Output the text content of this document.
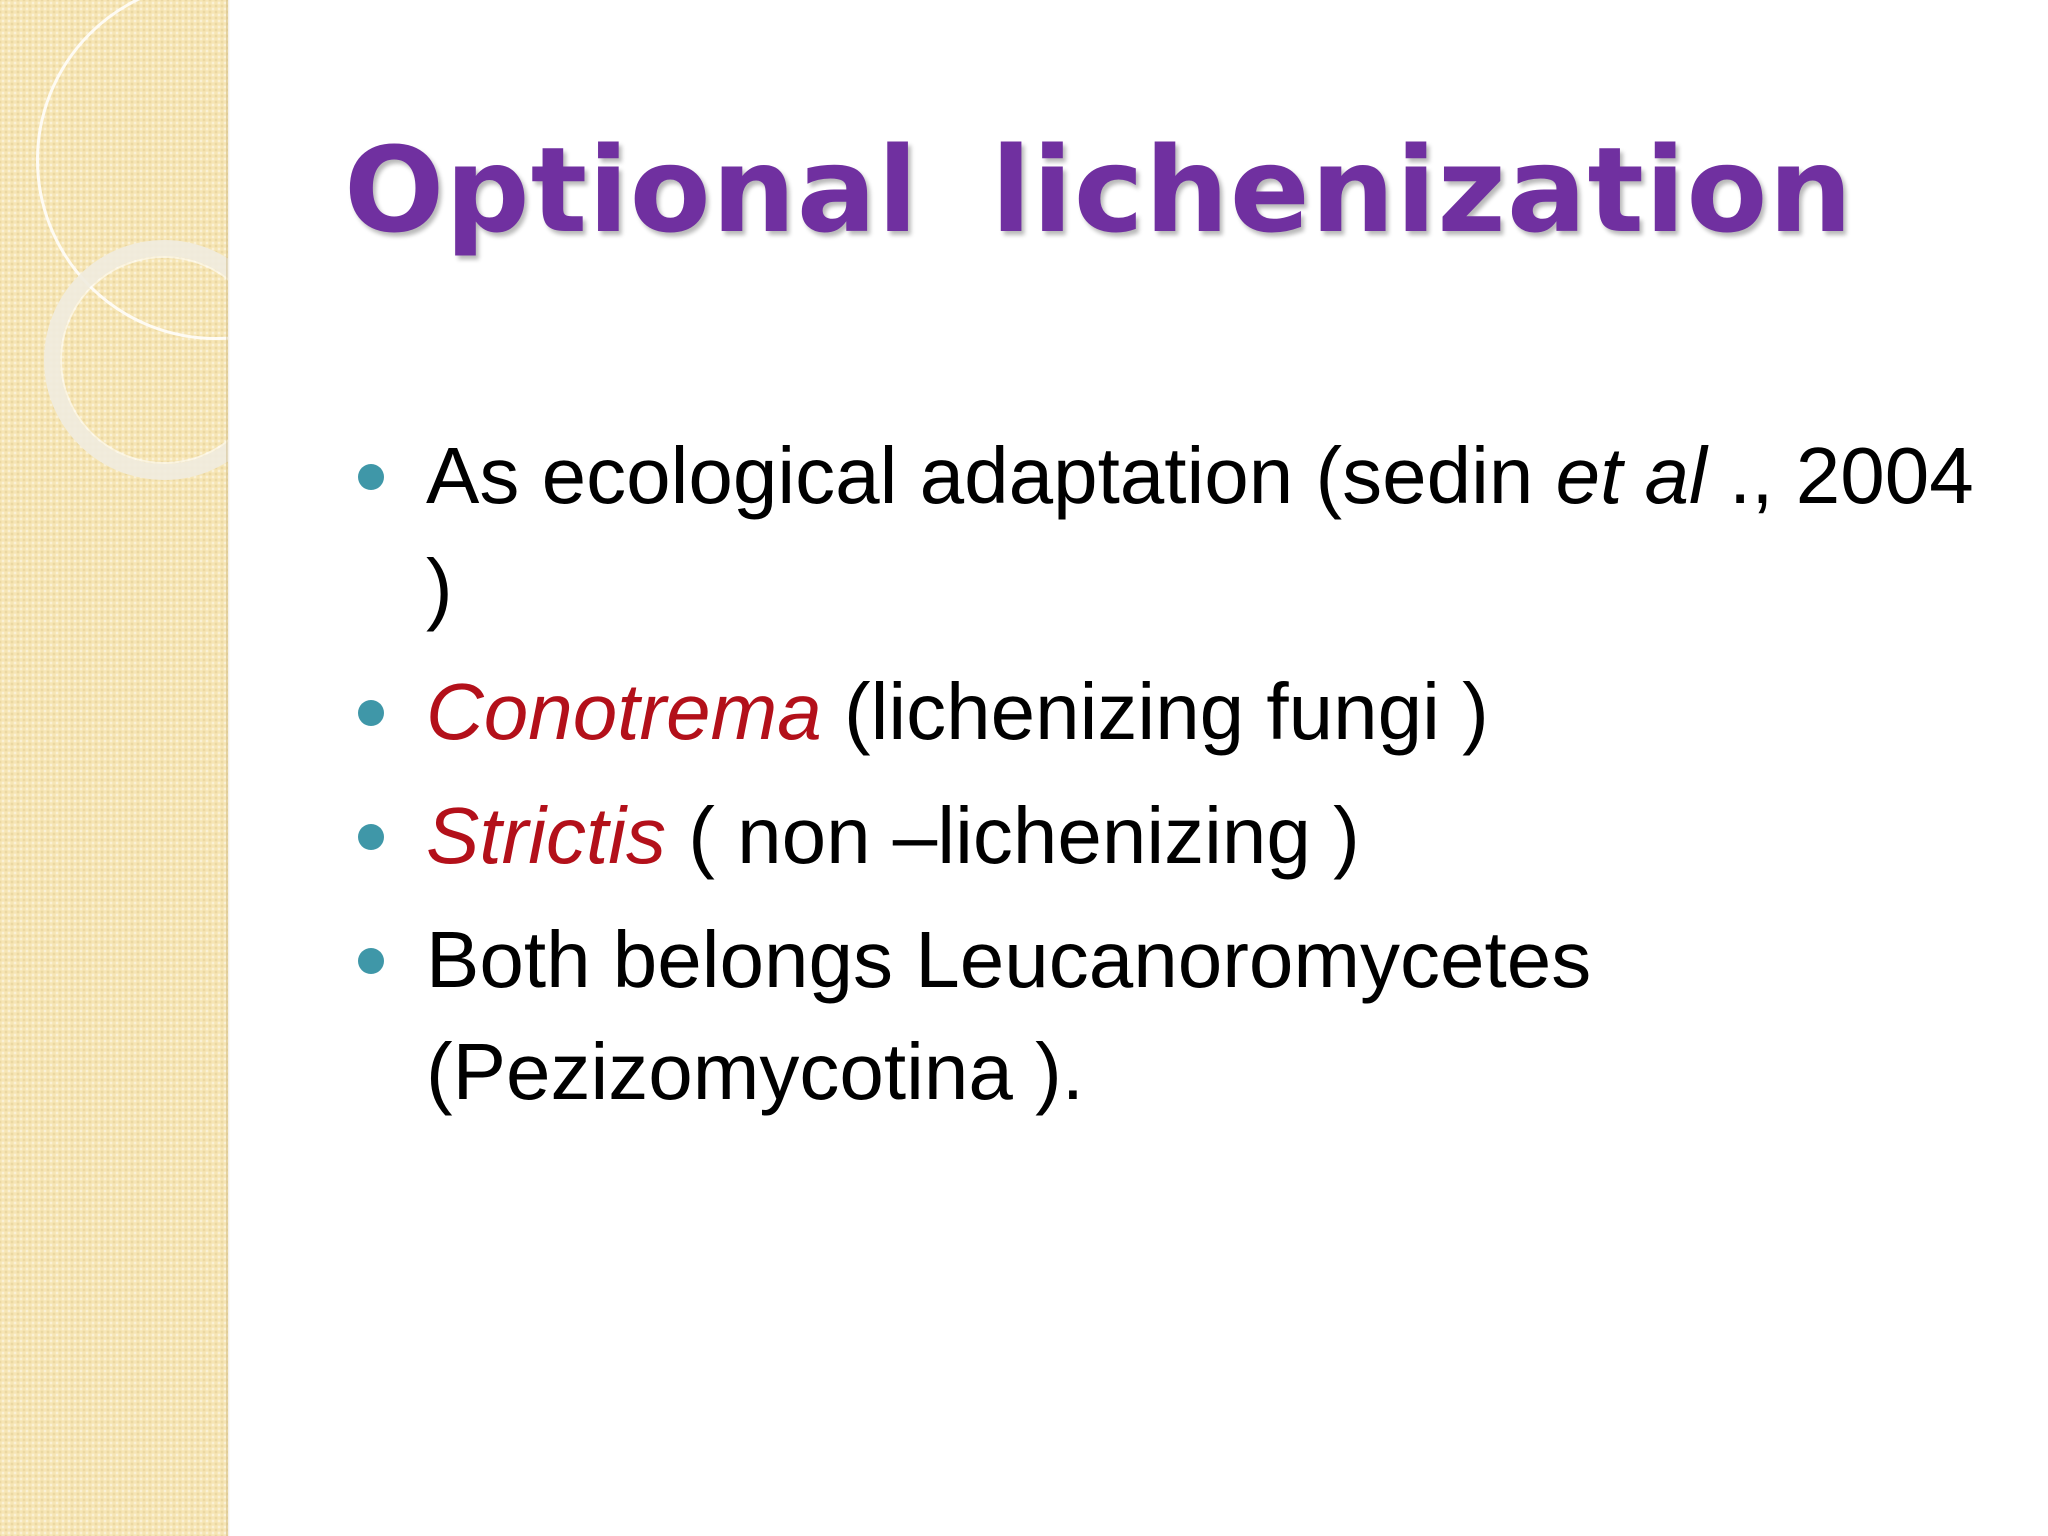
Optional lichenization
As ecological adaptation (sedin et al ., 2004 )
Conotrema (lichenizing fungi )
Strictis ( non –lichenizing )
Both belongs Leucanoromycetes (Pezizomycotina ).
